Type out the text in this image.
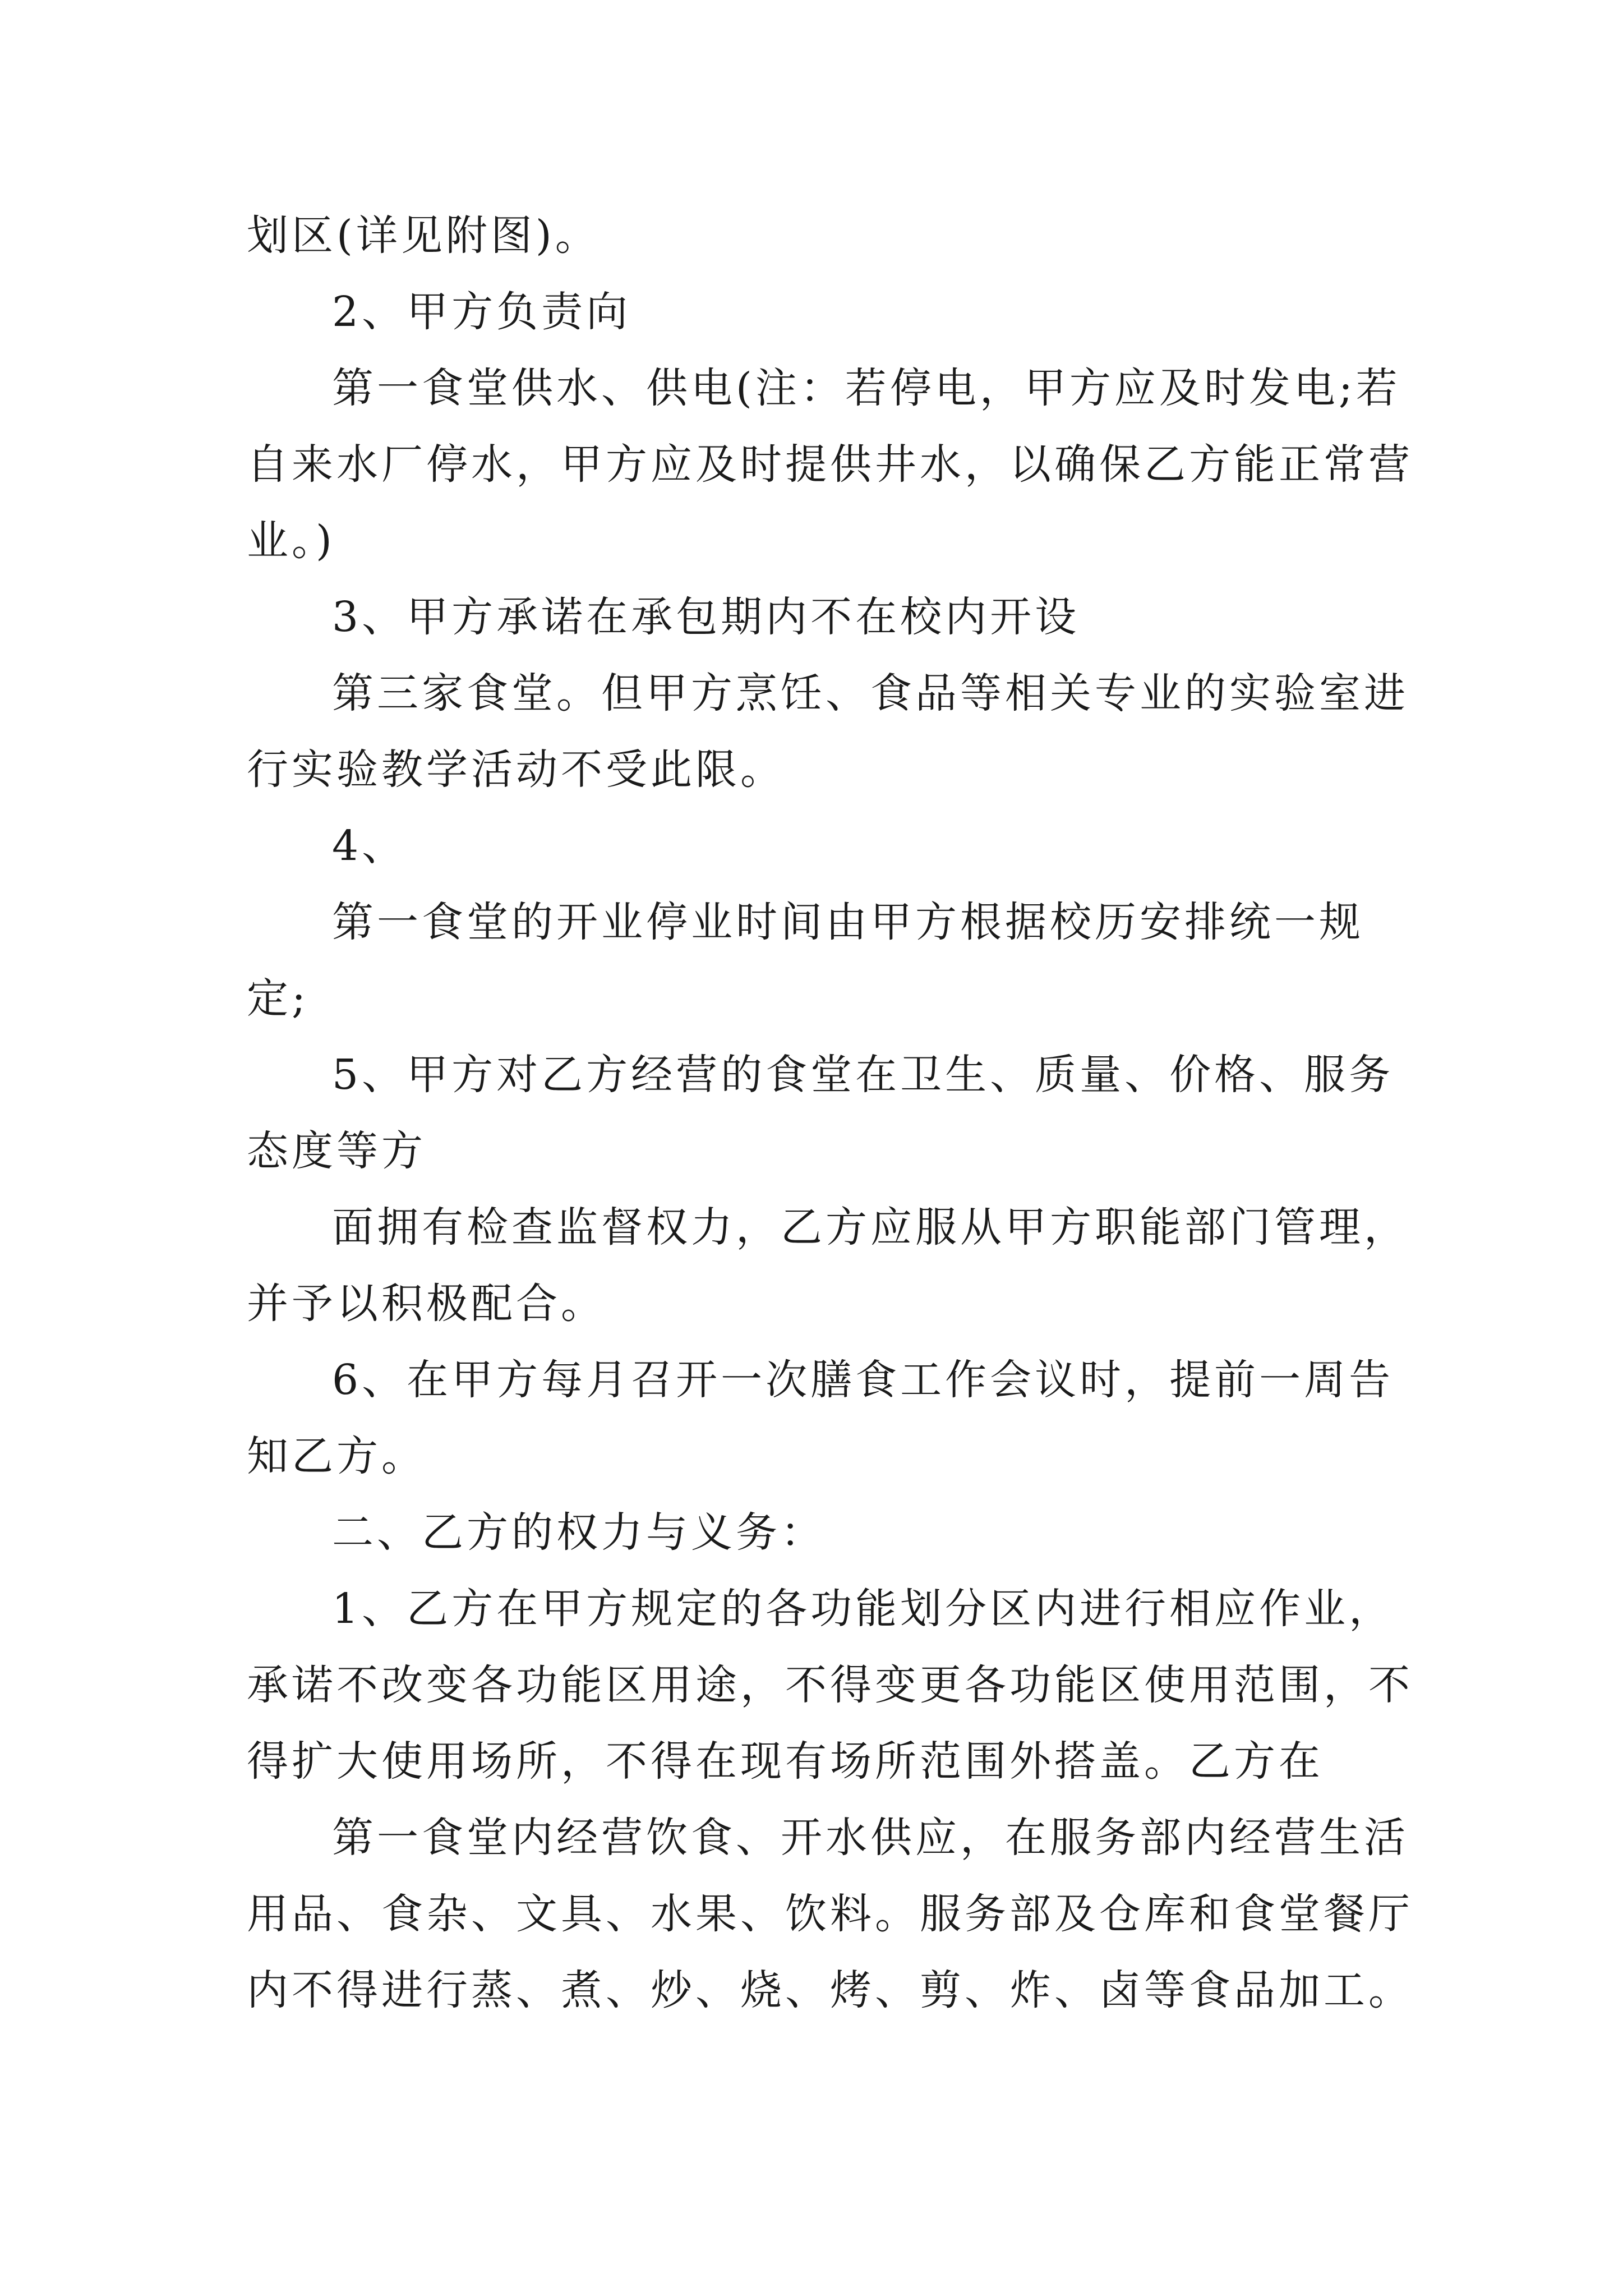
划区(详见附图)。

2、甲方负责向

第一食堂供水、供电(注：若停电，甲方应及时发电;若

自来水厂停水，甲方应及时提供井水，以确保乙方能正常营

业。)

3、甲方承诺在承包期内不在校内开设

第三家食堂。但甲方烹饪、食品等相关专业的实验室进

行实验教学活动不受此限。

4、

第一食堂的开业停业时间由甲方根据校历安排统一规

定;

5、甲方对乙方经营的食堂在卫生、质量、价格、服务

态度等方

面拥有检查监督权力，乙方应服从甲方职能部门管理，

并予以积极配合。

6、在甲方每月召开一次膳食工作会议时，提前一周告

知乙方。

二、乙方的权力与义务：

1、乙方在甲方规定的各功能划分区内进行相应作业，

承诺不改变各功能区用途，不得变更各功能区使用范围，不

得扩大使用场所，不得在现有场所范围外搭盖。乙方在

第一食堂内经营饮食、开水供应，在服务部内经营生活

用品、食杂、文具、水果、饮料。服务部及仓库和食堂餐厅

内不得进行蒸、煮、炒、烧、烤、剪、炸、卤等食品加工。
